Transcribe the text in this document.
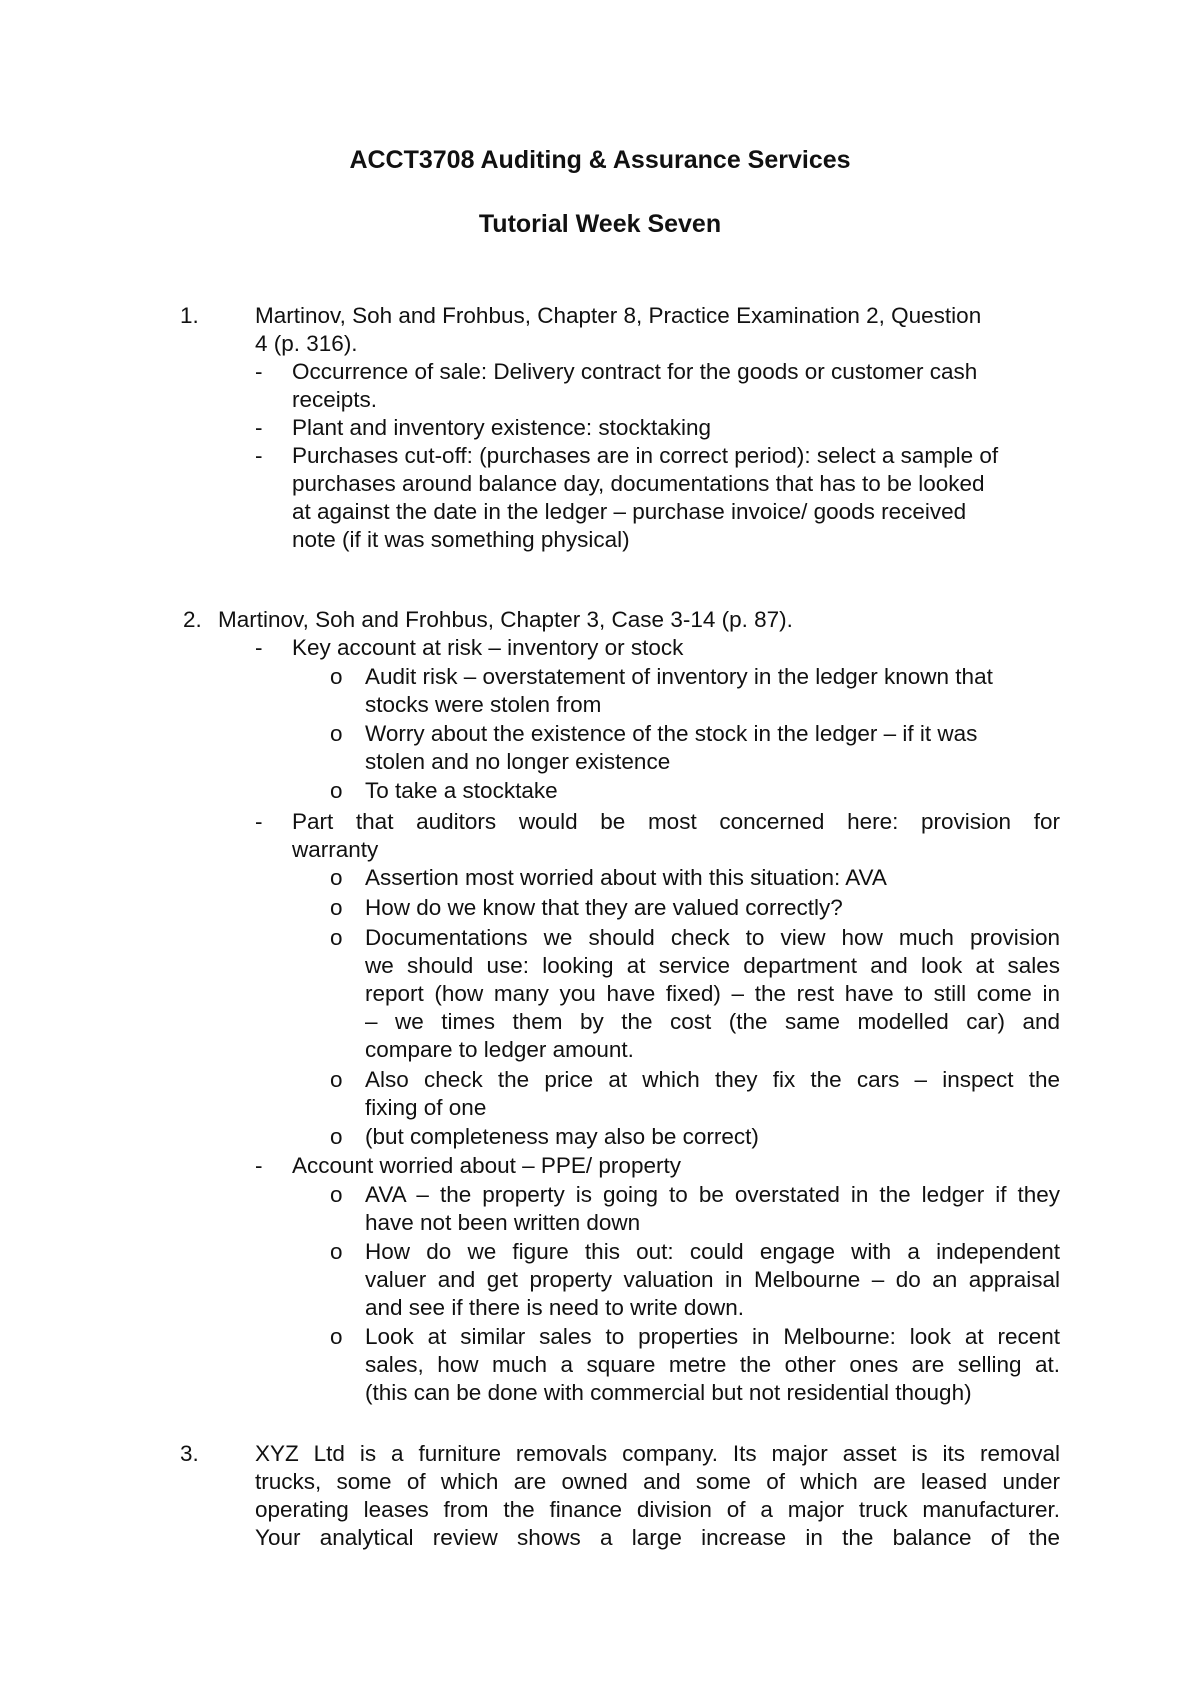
ACCT3708 Auditing & Assurance Services
Tutorial Week Seven
1. Martinov, Soh and Frohbus, Chapter 8, Practice Examination 2, Question
4 (p. 316).
- Occurrence of sale: Delivery contract for the goods or customer cash
receipts.
- Plant and inventory existence: stocktaking
- Purchases cut-off: (purchases are in correct period): select a sample of
purchases around balance day, documentations that has to be looked
at against the date in the ledger – purchase invoice/ goods received
note (if it was something physical)
2. Martinov, Soh and Frohbus, Chapter 3, Case 3-14 (p. 87).
- Key account at risk – inventory or stock
o Audit risk – overstatement of inventory in the ledger known that
stocks were stolen from
o Worry about the existence of the stock in the ledger – if it was
stolen and no longer existence
o To take a stocktake
- Part that auditors would be most concerned here: provision for
warranty
o Assertion most worried about with this situation: AVA
o How do we know that they are valued correctly?
o Documentations we should check to view how much provision
we should use: looking at service department and look at sales
report (how many you have fixed) – the rest have to still come in
– we times them by the cost (the same modelled car) and
compare to ledger amount.
o Also check the price at which they fix the cars – inspect the
fixing of one
o (but completeness may also be correct)
- Account worried about – PPE/ property
o AVA – the property is going to be overstated in the ledger if they
have not been written down
o How do we figure this out: could engage with a independent
valuer and get property valuation in Melbourne – do an appraisal
and see if there is need to write down.
o Look at similar sales to properties in Melbourne: look at recent
sales, how much a square metre the other ones are selling at.
(this can be done with commercial but not residential though)
3. XYZ Ltd is a furniture removals company. Its major asset is its removal
trucks, some of which are owned and some of which are leased under
operating leases from the finance division of a major truck manufacturer.
Your analytical review shows a large increase in the balance of the
